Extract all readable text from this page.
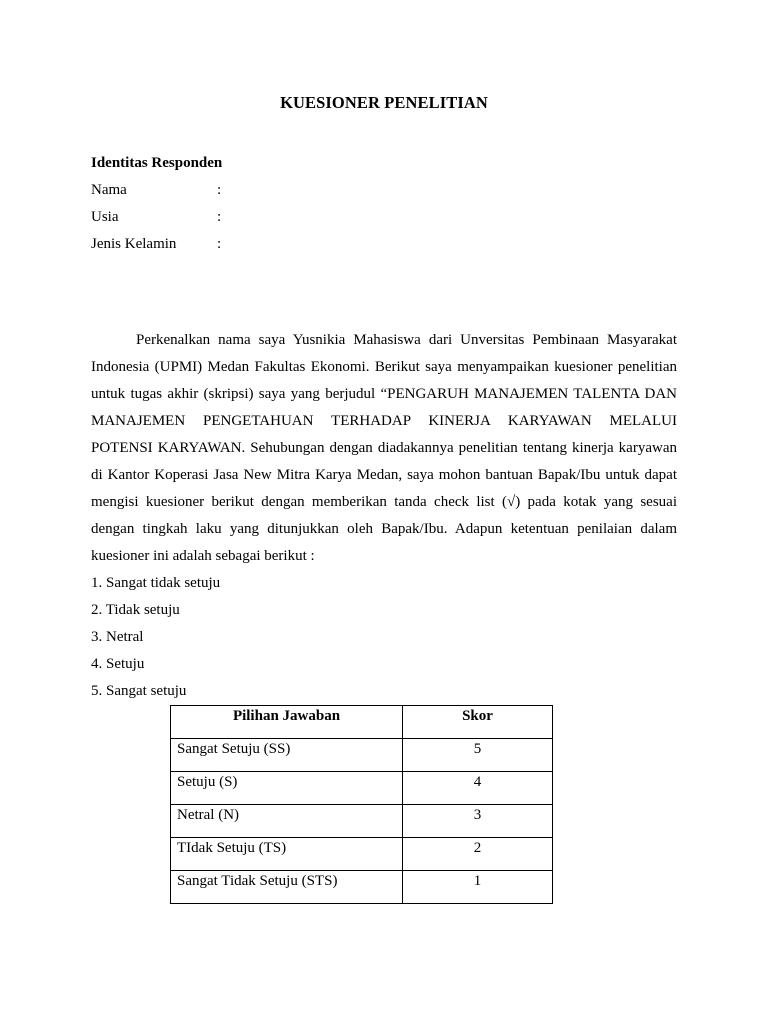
KUESIONER PENELITIAN
Identitas Responden
Nama	:
Usia	:
Jenis Kelamin	:
Perkenalkan nama saya Yusnikia Mahasiswa dari Unversitas Pembinaan Masyarakat
Indonesia (UPMI) Medan Fakultas Ekonomi. Berikut saya menyampaikan kuesioner penelitian
untuk tugas akhir (skripsi) saya yang berjudul “PENGARUH MANAJEMEN TALENTA DAN
MANAJEMEN PENGETAHUAN TERHADAP KINERJA KARYAWAN MELALUI
POTENSI KARYAWAN. Sehubungan dengan diadakannya penelitian tentang kinerja karyawan
di Kantor Koperasi Jasa New Mitra Karya Medan, saya mohon bantuan Bapak/Ibu untuk dapat
mengisi kuesioner berikut dengan memberikan tanda check list (√) pada kotak yang sesuai
dengan tingkah laku yang ditunjukkan oleh Bapak/Ibu. Adapun ketentuan penilaian dalam
kuesioner ini adalah sebagai berikut :
1. Sangat tidak setuju
2. Tidak setuju
3. Netral
4. Setuju
5. Sangat setuju
Pilihan Jawaban	Skor
Sangat Setuju (SS)	5
Setuju (S)	4
Netral (N)	3
TIdak Setuju (TS)	2
Sangat Tidak Setuju (STS)	1
